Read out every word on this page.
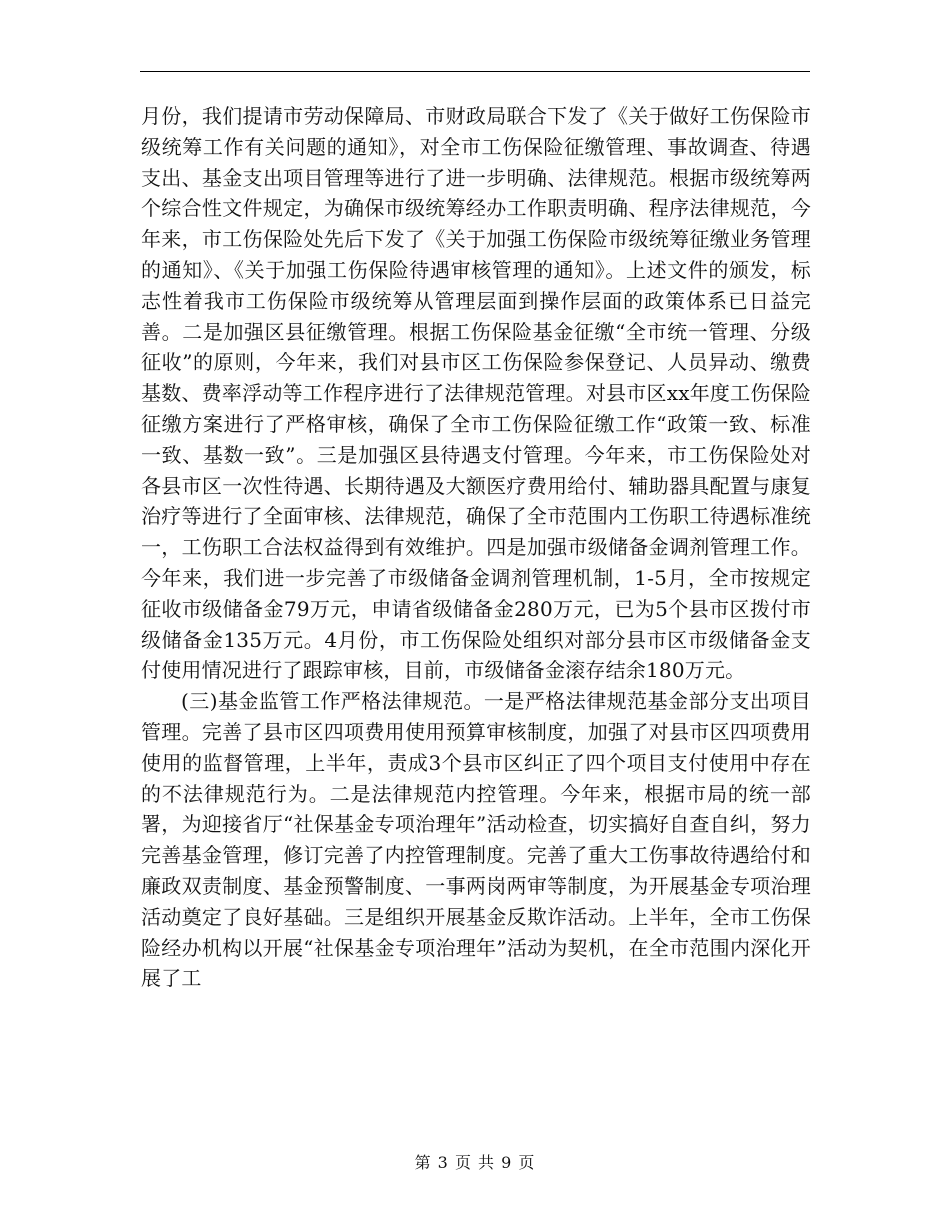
月份，我们提请市劳动保障局、市财政局联合下发了《关于做好工伤保险市级统筹工作有关问题的通知》，对全市工伤保险征缴管理、事故调查、待遇支出、基金支出项目管理等进行了进一步明确、法律规范。根据市级统筹两个综合性文件规定，为确保市级统筹经办工作职责明确、程序法律规范，今年来，市工伤保险处先后下发了《关于加强工伤保险市级统筹征缴业务管理的通知》、《关于加强工伤保险待遇审核管理的通知》。上述文件的颁发，标志性着我市工伤保险市级统筹从管理层面到操作层面的政策体系已日益完善。二是加强区县征缴管理。根据工伤保险基金征缴“全市统一管理、分级征收”的原则，今年来，我们对县市区工伤保险参保登记、人员异动、缴费基数、费率浮动等工作程序进行了法律规范管理。对县市区xx年度工伤保险征缴方案进行了严格审核，确保了全市工伤保险征缴工作“政策一致、标准一致、基数一致”。三是加强区县待遇支付管理。今年来，市工伤保险处对各县市区一次性待遇、长期待遇及大额医疗费用给付、辅助器具配置与康复治疗等进行了全面审核、法律规范，确保了全市范围内工伤职工待遇标准统一，工伤职工合法权益得到有效维护。四是加强市级储备金调剂管理工作。今年来，我们进一步完善了市级储备金调剂管理机制，1-5月，全市按规定征收市级储备金79万元，申请省级储备金280万元，已为5个县市区拨付市级储备金135万元。4月份，市工伤保险处组织对部分县市区市级储备金支付使用情况进行了跟踪审核，目前，市级储备金滚存结余180万元。

(三)基金监管工作严格法律规范。一是严格法律规范基金部分支出项目管理。完善了县市区四项费用使用预算审核制度，加强了对县市区四项费用使用的监督管理，上半年，责成3个县市区纠正了四个项目支付使用中存在的不法律规范行为。二是法律规范内控管理。今年来，根据市局的统一部署，为迎接省厅“社保基金专项治理年”活动检查，切实搞好自查自纠，努力完善基金管理，修订完善了内控管理制度。完善了重大工伤事故待遇给付和廉政双责制度、基金预警制度、一事两岗两审等制度，为开展基金专项治理活动奠定了良好基础。三是组织开展基金反欺诈活动。上半年，全市工伤保险经办机构以开展“社保基金专项治理年”活动为契机，在全市范围内深化开展了工

第 3 页 共 9 页
